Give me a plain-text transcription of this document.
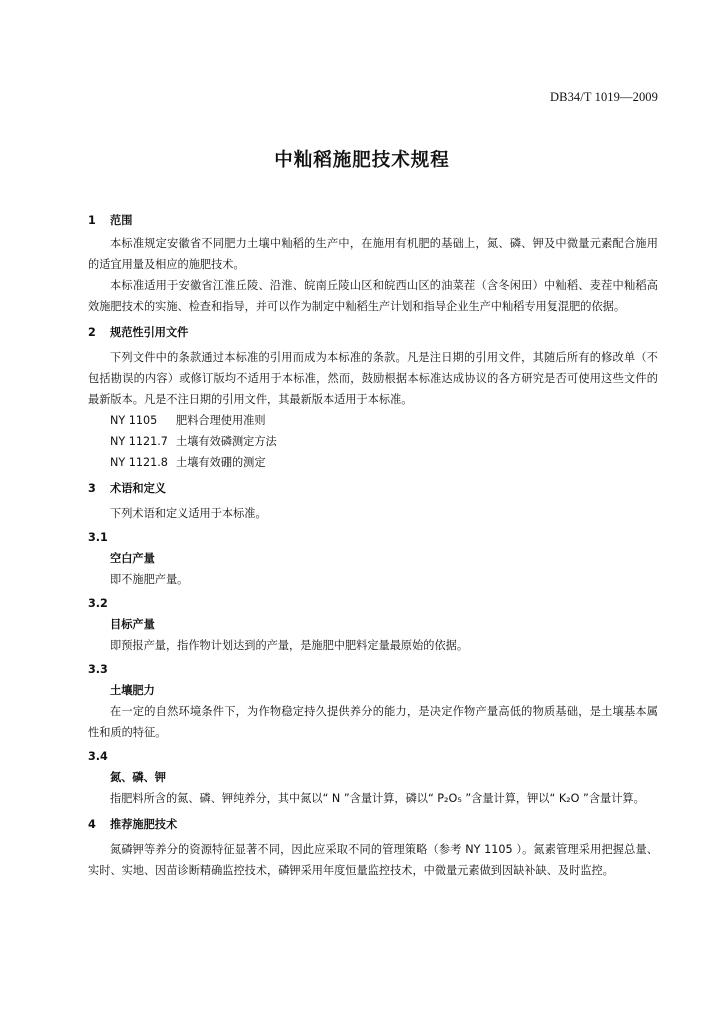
DB34/T 1019—2009
中籼稻施肥技术规程
1 范围
本标准规定安徽省不同肥力土壤中籼稻的生产中，在施用有机肥的基础上，氮、磷、钾及中微量元素配合施用的适宜用量及相应的施肥技术。
本标准适用于安徽省江淮丘陵、沿淮、皖南丘陵山区和皖西山区的油菜茬（含冬闲田）中籼稻、麦茬中籼稻高效施肥技术的实施、检查和指导，并可以作为制定中籼稻生产计划和指导企业生产中籼稻专用复混肥的依据。
2 规范性引用文件
下列文件中的条款通过本标准的引用而成为本标准的条款。凡是注日期的引用文件，其随后所有的修改单（不包括勘误的内容）或修订版均不适用于本标准，然而，鼓励根据本标准达成协议的各方研究是否可使用这些文件的最新版本。凡是不注日期的引用文件，其最新版本适用于本标准。
NY 1105 肥料合理使用准则
NY 1121.7 土壤有效磷测定方法
NY 1121.8 土壤有效硼的测定
3 术语和定义
下列术语和定义适用于本标准。
3.1
空白产量
即不施肥产量。
3.2
目标产量
即预报产量，指作物计划达到的产量，是施肥中肥料定量最原始的依据。
3.3
土壤肥力
在一定的自然环境条件下，为作物稳定持久提供养分的能力，是决定作物产量高低的物质基础，是土壤基本属性和质的特征。
3.4
氮、磷、钾
指肥料所含的氮、磷、钾纯养分，其中氮以“ N ”含量计算，磷以“ P₂O₅ ”含量计算，钾以“ K₂O ”含量计算。
4 推荐施肥技术
氮磷钾等养分的资源特征显著不同，因此应采取不同的管理策略（参考 NY 1105 ）。氮素管理采用把握总量、实时、实地、因苗诊断精确监控技术，磷钾采用年度恒量监控技术，中微量元素做到因缺补缺、及时监控。
